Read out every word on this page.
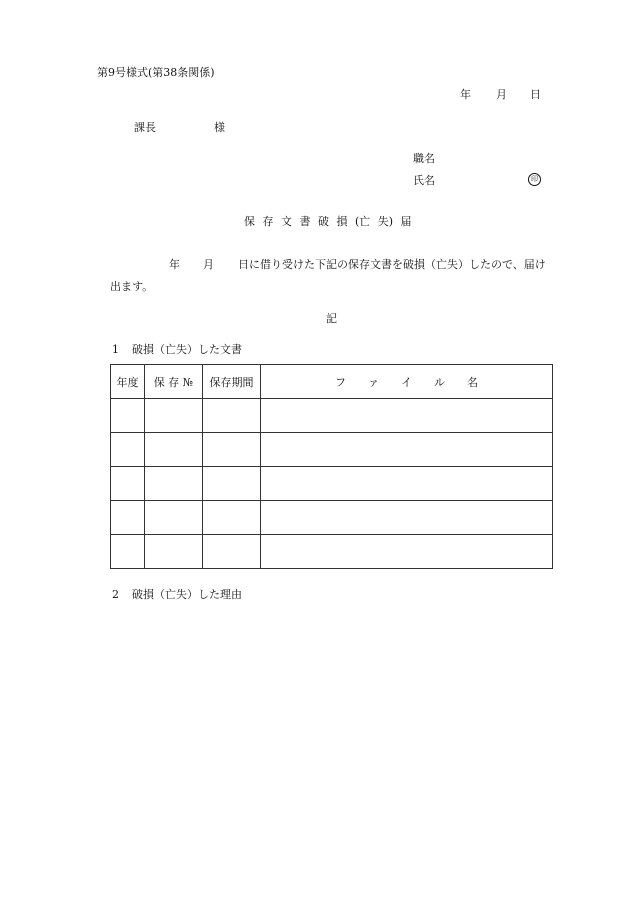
第9号様式(第38条関係)
年 月 日
課長	様
職名
氏名	印
保 存 文 書 破 損 (亡 失) 届
年 月 日に借り受けた下記の保存文書を破損（亡失）したので、届け
出ます。
記
1 破損（亡失）した文書
年度	保 存 №	保存期間	フ　　ァ　　イ　　ル　　名

2 破損（亡失）した理由
